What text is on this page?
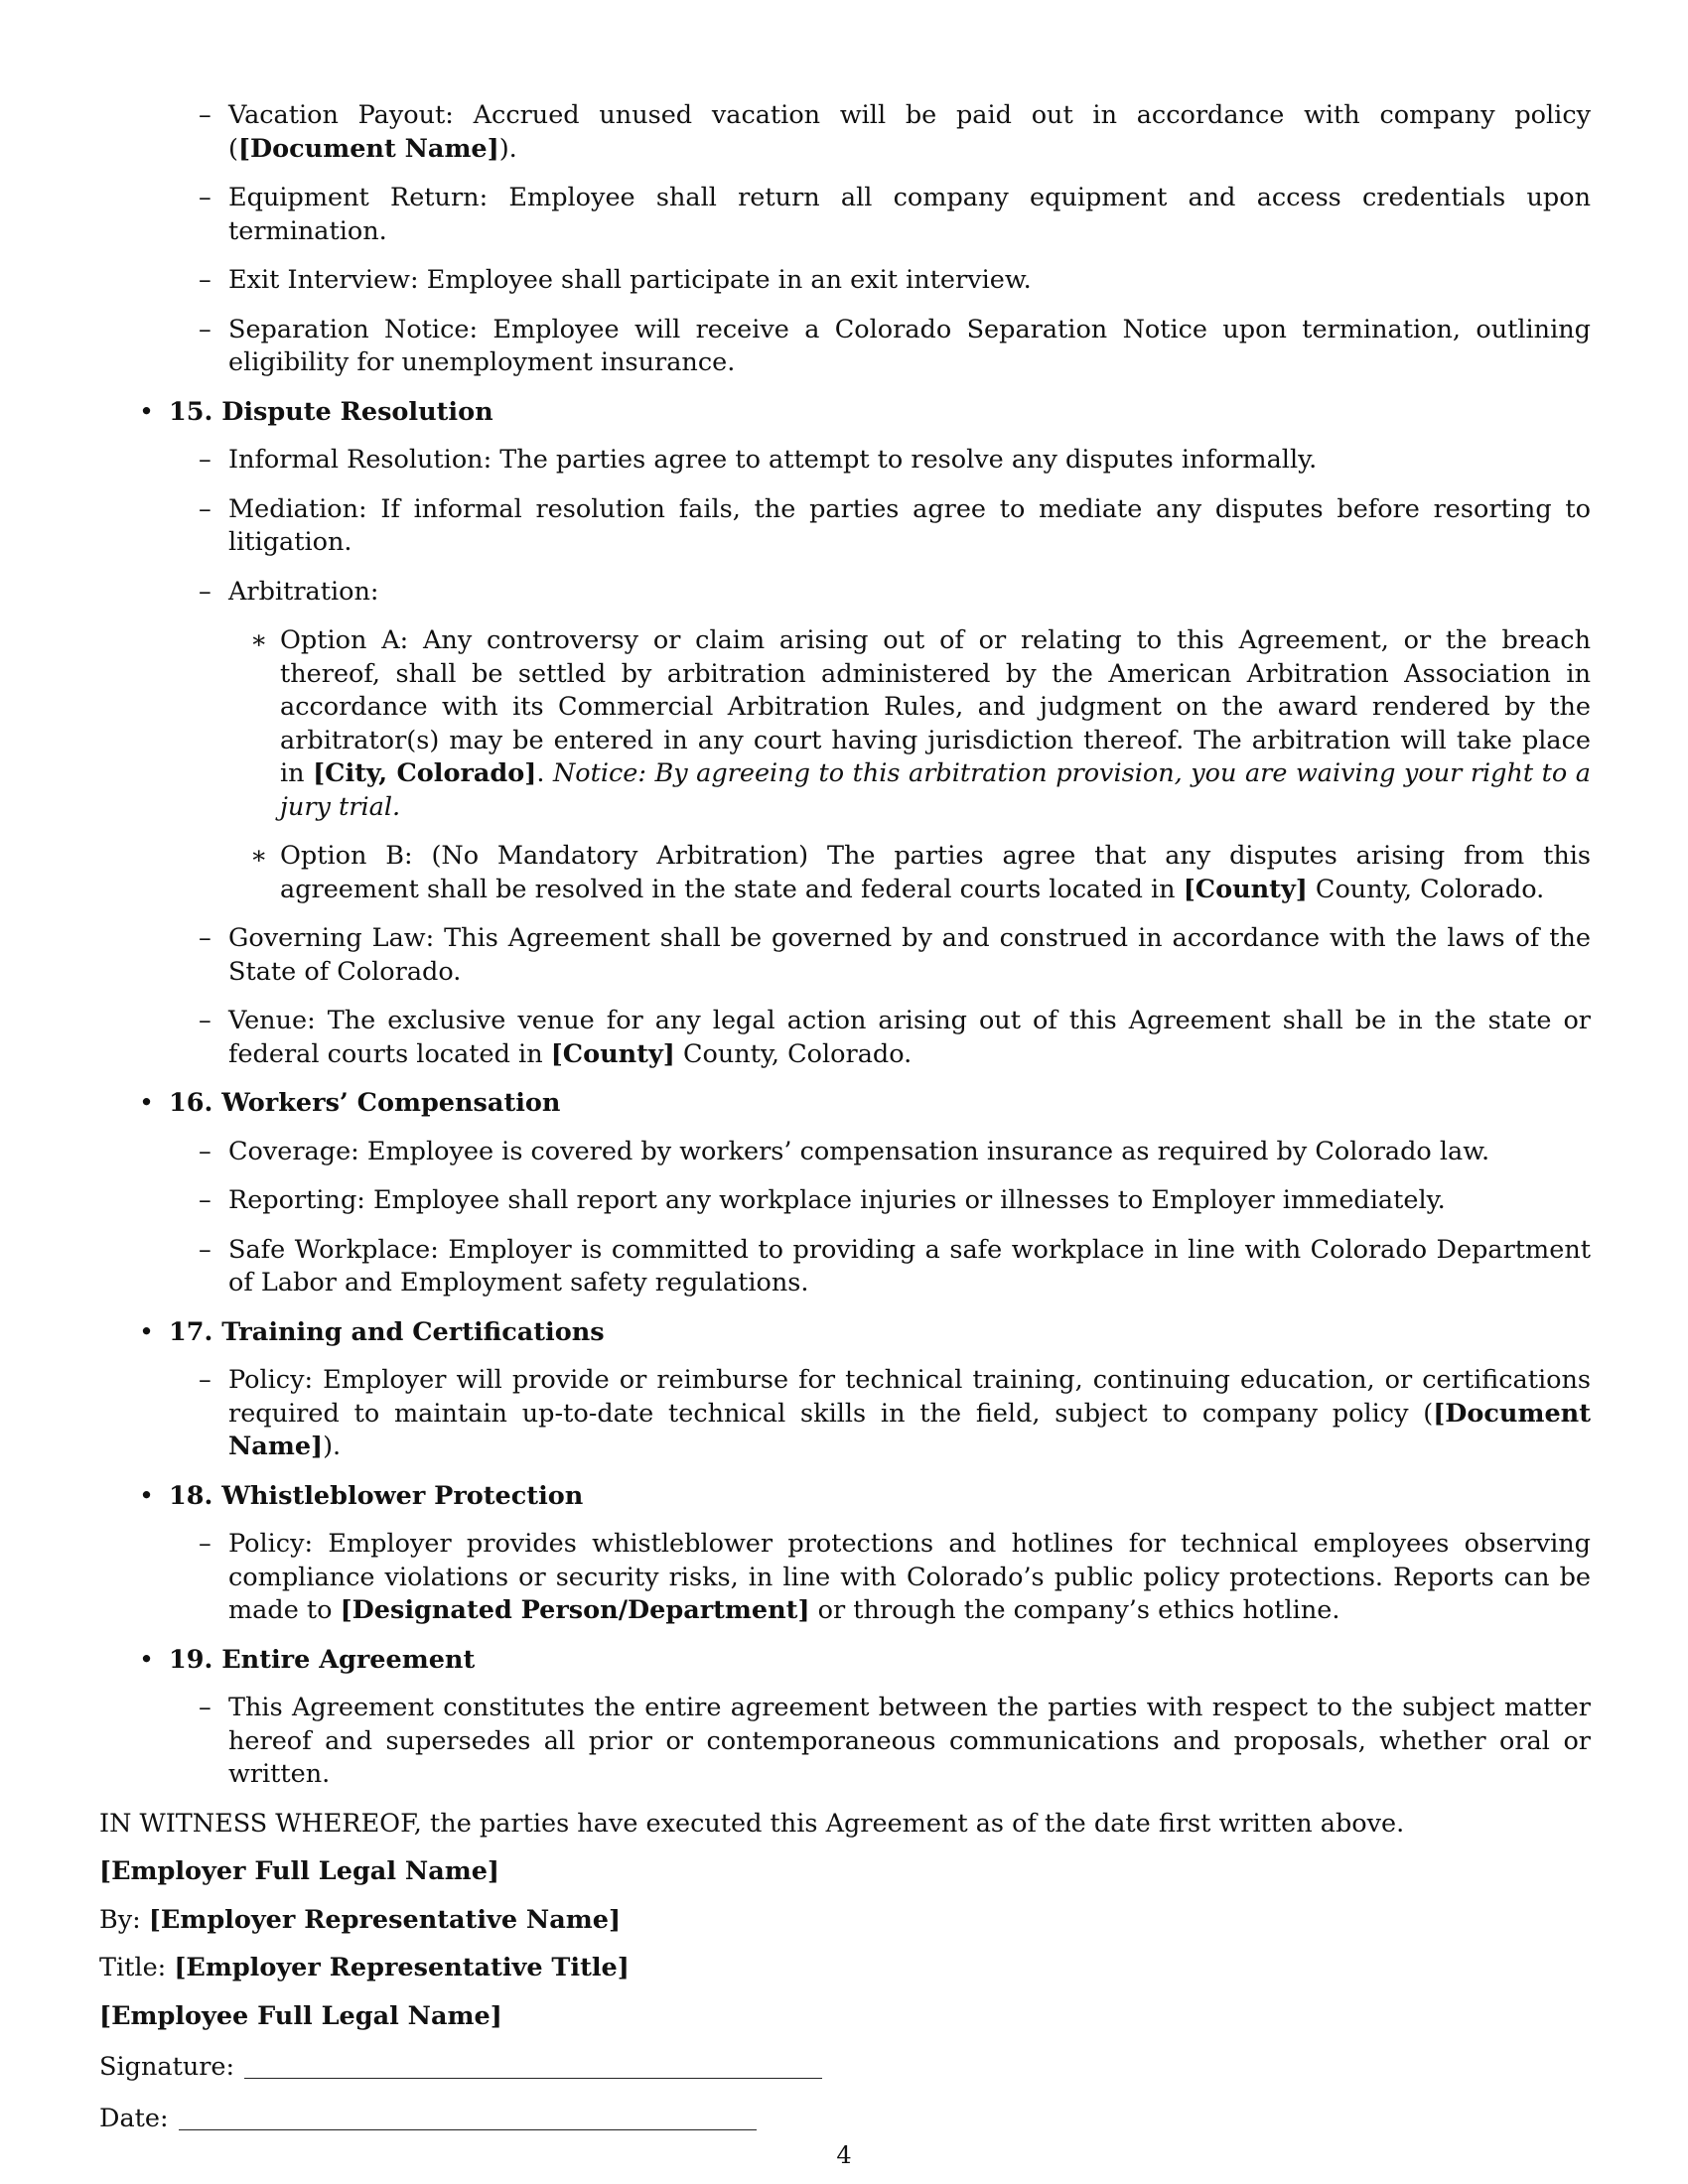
– Vacation Payout: Accrued unused vacation will be paid out in accordance with company policy ([Document Name]).
– Equipment Return: Employee shall return all company equipment and access credentials upon termination.
– Exit Interview: Employee shall participate in an exit interview.
– Separation Notice: Employee will receive a Colorado Separation Notice upon termination, outlining eligibility for unemployment insurance.
• 15. Dispute Resolution
– Informal Resolution: The parties agree to attempt to resolve any disputes informally.
– Mediation: If informal resolution fails, the parties agree to mediate any disputes before resorting to litigation.
– Arbitration:
∗ Option A: Any controversy or claim arising out of or relating to this Agreement, or the breach thereof, shall be settled by arbitration administered by the American Arbitration Association in accordance with its Commercial Arbitration Rules, and judgment on the award rendered by the arbitrator(s) may be entered in any court having jurisdiction thereof. The arbitration will take place in [City, Colorado]. Notice: By agreeing to this arbitration provision, you are waiving your right to a jury trial.
∗ Option B: (No Mandatory Arbitration) The parties agree that any disputes arising from this agreement shall be resolved in the state and federal courts located in [County] County, Colorado.
– Governing Law: This Agreement shall be governed by and construed in accordance with the laws of the State of Colorado.
– Venue: The exclusive venue for any legal action arising out of this Agreement shall be in the state or federal courts located in [County] County, Colorado.
• 16. Workers’ Compensation
– Coverage: Employee is covered by workers’ compensation insurance as required by Colorado law.
– Reporting: Employee shall report any workplace injuries or illnesses to Employer immediately.
– Safe Workplace: Employer is committed to providing a safe workplace in line with Colorado Department of Labor and Employment safety regulations.
• 17. Training and Certifications
– Policy: Employer will provide or reimburse for technical training, continuing education, or certifications required to maintain up-to-date technical skills in the field, subject to company policy ([Document Name]).
• 18. Whistleblower Protection
– Policy: Employer provides whistleblower protections and hotlines for technical employees observing compliance violations or security risks, in line with Colorado’s public policy protections. Reports can be made to [Designated Person/Department] or through the company’s ethics hotline.
• 19. Entire Agreement
– This Agreement constitutes the entire agreement between the parties with respect to the subject matter hereof and supersedes all prior or contemporaneous communications and proposals, whether oral or written.
IN WITNESS WHEREOF, the parties have executed this Agreement as of the date first written above.
[Employer Full Legal Name]
By: [Employer Representative Name]
Title: [Employer Representative Title]
[Employee Full Legal Name]
Signature:
Date:
4
